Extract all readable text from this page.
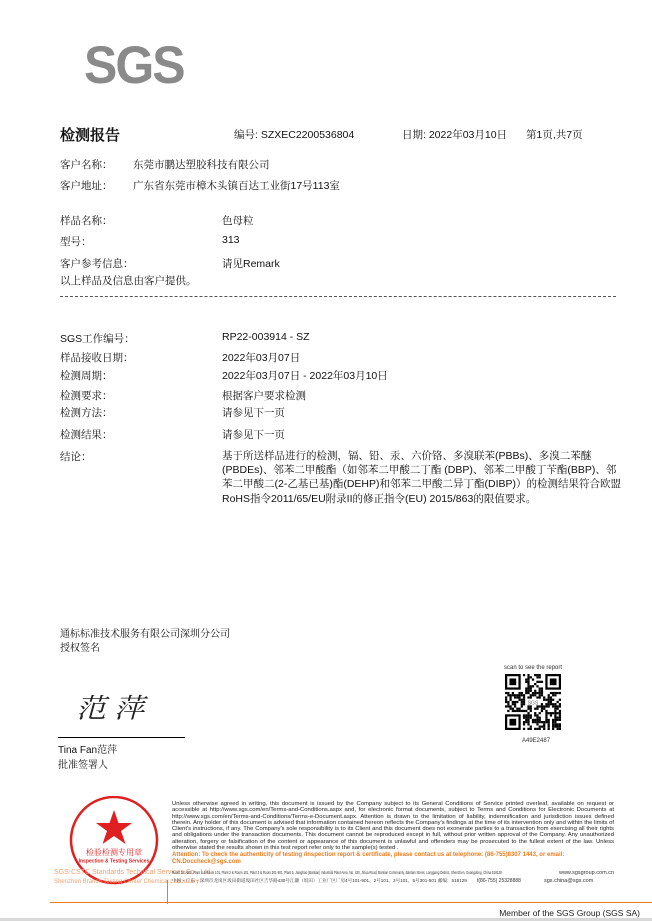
SGS
检测报告	编号: SZXEC2200536804	日期: 2022年03月10日 第1页,共7页
客户名称： 东莞市鹏达塑胶科技有限公司
客户地址： 广东省东莞市樟木头镇百达工业街17号113室
样品名称：	色母粒
型号：	313
客户参考信息：	请见Remark
以上样品及信息由客户提供。
SGS工作编号：	RP22-003914 - SZ
样品接收日期：	2022年03月07日
检测周期：	2022年03月07日 - 2022年03月10日
检测要求：	根据客户要求检测
检测方法：	请参见下一页
检测结果：	请参见下一页
结论：	基于所送样品进行的检测，镉、铅、汞、六价铬、多溴联苯(PBBs)、多溴二苯醚(PBDEs)、邻苯二甲酸酯（如邻苯二甲酸二丁酯 (DBP)、邻苯二甲酸丁苄酯(BBP)、邻苯二甲酸二(2-乙基已基)酯(DEHP)和邻苯二甲酸二异丁酯(DIBP)）的检测结果符合欧盟RoHS指令2011/65/EU附录II的修正指令(EU) 2015/863的限值要求。
通标标准技术服务有限公司深圳分公司
授权签名
范萍
Tina Fan范萍
批准签署人
scan to see the report
SGS
A49E2487
检验检测专用章
Inspection & Testing Services
SGS-CSTC Standards Technical Services Co., Ltd.
Shenzhen Branch Testing Center Chemical Laboratory
Unless otherwise agreed in writing, this document is issued by the Company subject to its General Conditions of Service printed overleaf, available on request or accessible at http://www.sgs.com/en/Terms-and-Conditions.aspx and, for electronic format documents, subject to Terms and Conditions for Electronic Documents at http://www.sgs.com/en/Terms-and-Conditions/Terms-e-Document.aspx. Attention is drawn to the limitation of liability, indemnification and jurisdiction issues defined therein. Any holder of this document is advised that information contained hereon reflects the Company's findings at the time of its intervention only and within the limits of Client's instructions, if any. The Company's sole responsibility is to its Client and this document does not exonerate parties to a transaction from exercising all their rights and obligations under the transaction documents. This document cannot be reproduced except in full, without prior written approval of the Company. Any unauthorized alteration, forgery or falsification of the content or appearance of this document is unlawful and offenders may be prosecuted to the fullest extent of the law. Unless otherwise stated the results shown in this test report refer only to the sample(s) tested .
Attention: To check the authenticity of testing /inspection report & certificate, please contact us at telephone: (86-755)8307 1443, or email: CN.Doccheck@sgs.com
Room 101-901, Plant 4 & Room 101, Plant 2 & Room 101, Plant 3 & Room 301-901, Plant 5, Jianghao (Bantian) Industrial Plant Area, No. 430, Jihua Road, Bantian Community, Bantian Street, Longgang District, Shenzhen, Guangdong, China 518129	www.sgsgroup.com.cn
中国・广东・深圳市龙岗区坂田街道坂田社区吉华路430号江灏（坂田）工业厂区厂房4号101-901、2号101、3号101、5号301-501 邮编：518129	t(86-755) 25328888	sgs.china@sgs.com
Member of the SGS Group (SGS SA)
